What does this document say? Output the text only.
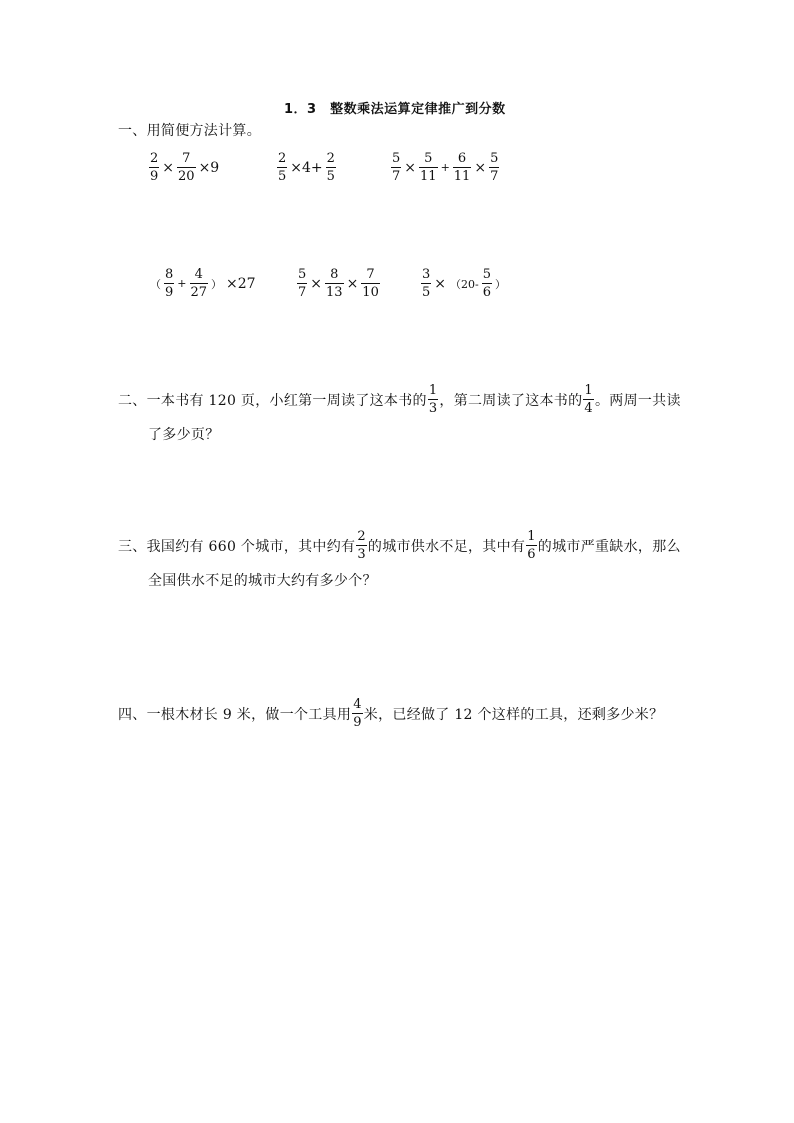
1．3　整数乘法运算定律推广到分数
一、用简便方法计算。
$\frac{2}{9} \times \frac{7}{20} \times 9$	$\frac{2}{5} \times 4+ \frac{2}{5}$	$\frac{5}{7} \times \frac{5}{11} + \frac{6}{11} \times \frac{5}{7}$
（ $\frac{8}{9} + \frac{4}{27}$ ） ×27	$\frac{5}{7} \times \frac{8}{13} \times \frac{7}{10}$	$\frac{3}{5} \times (20- \frac{5}{6}$ ）
二、一本书有 120 页，小红第一周读了这本书的 $\frac{1}{3}$ ，第二周读了这本书的 $\frac{1}{4}$ 。两周一共读
了多少页？
三、我国约有 660 个城市，其中约有 $\frac{2}{3}$ 的城市供水不足，其中有 $\frac{1}{6}$ 的城市严重缺水，那么
全国供水不足的城市大约有多少个？
四、一根木材长 9 米，做一个工具用 $\frac{4}{9}$ 米，已经做了 12 个这样的工具，还剩多少米？
